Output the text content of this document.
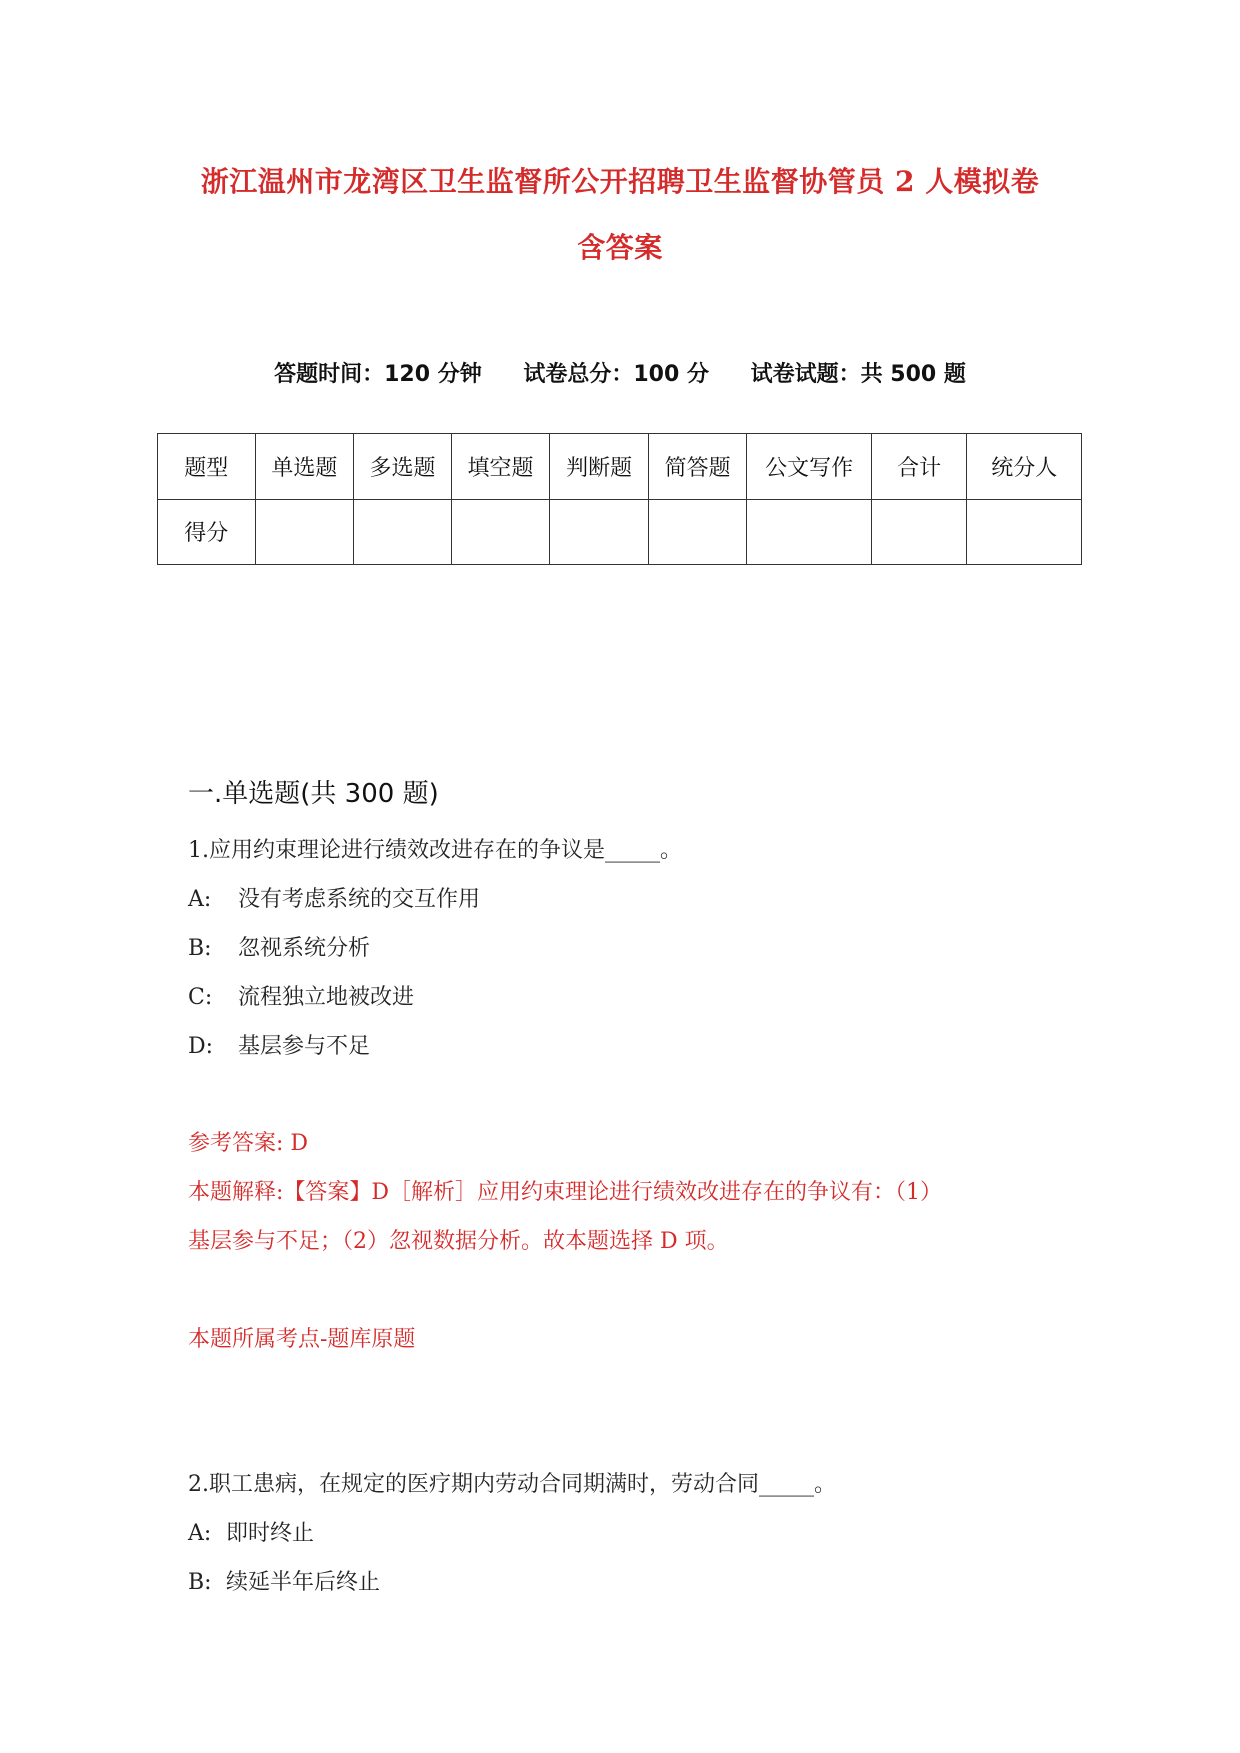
浙江温州市龙湾区卫生监督所公开招聘卫生监督协管员 2 人模拟卷
含答案
答题时间：120 分钟 试卷总分：100 分 试卷试题：共 500 题
题型	单选题	多选题	填空题	判断题	简答题	公文写作	合计	统分人
得分								
一.单选题(共 300 题)
1.应用约束理论进行绩效改进存在的争议是_____。
A: 没有考虑系统的交互作用
B: 忽视系统分析
C: 流程独立地被改进
D: 基层参与不足
参考答案: D
本题解释:【答案】D［解析］应用约束理论进行绩效改进存在的争议有：（1）
基层参与不足；（2）忽视数据分析。故本题选择 D 项。
本题所属考点-题库原题
2.职工患病，在规定的医疗期内劳动合同期满时，劳动合同_____。
A: 即时终止
B: 续延半年后终止
